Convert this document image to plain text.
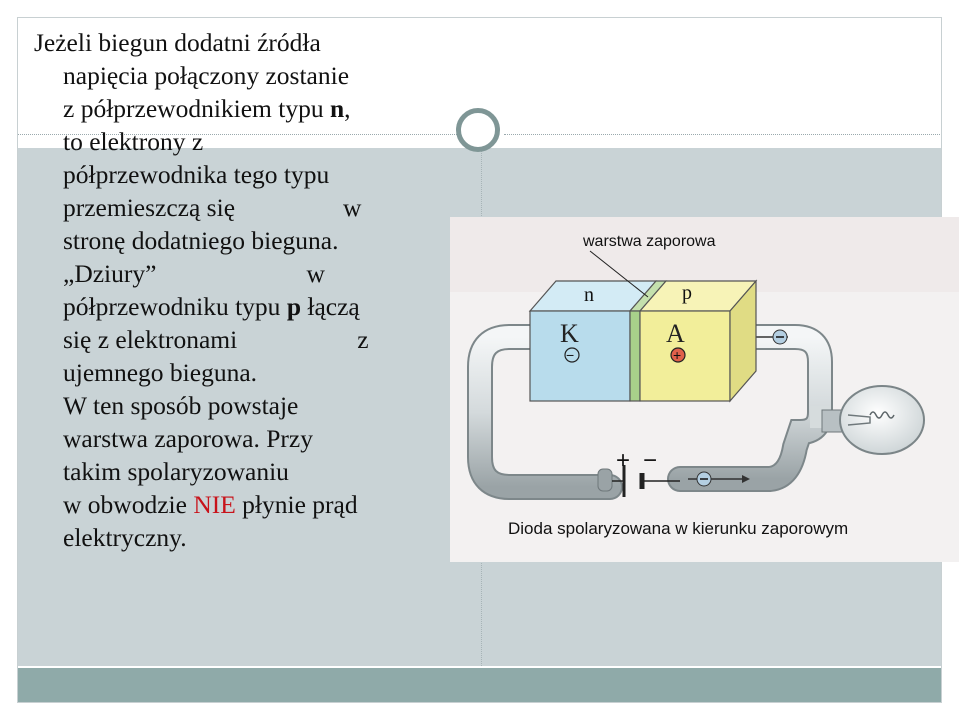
Jeżeli biegun dodatni źródła
napięcia połączony zostanie
z półprzewodnikiem typu n,
to elektrony z
półprzewodnika tego typu
przemieszczą się	w
stronę dodatniego bieguna.
„Dziury”	w
półprzewodniku typu p łączą
się z elektronami	z
ujemnego bieguna.
W ten sposób powstaje
warstwa zaporowa. Przy
takim spolaryzowaniu
w obwodzie NIE płynie prąd
elektryczny.
+ −
n	p
K	A
−	+
warstwa zaporowa
Dioda spolaryzowana w kierunku zaporowym
